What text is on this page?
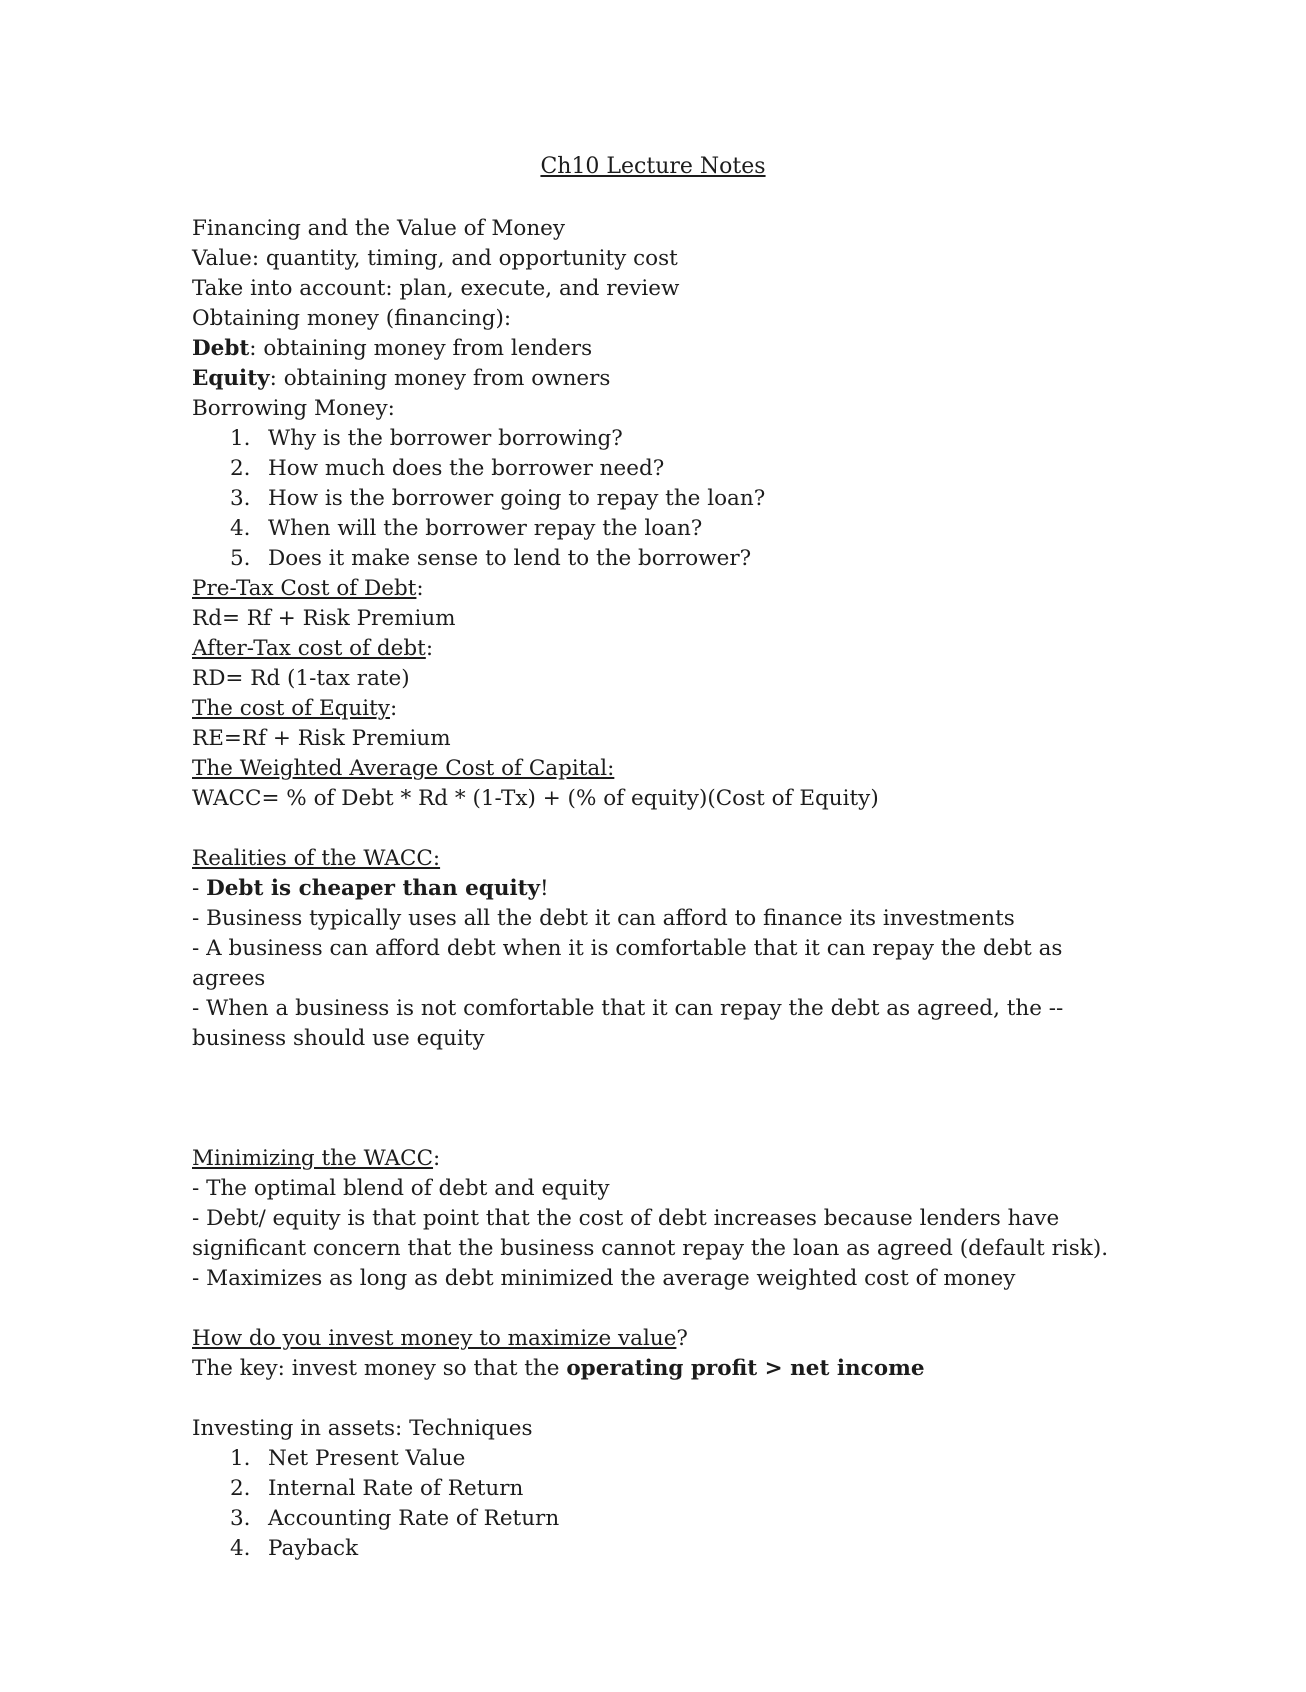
Ch10 Lecture Notes
Financing and the Value of Money
Value: quantity, timing, and opportunity cost
Take into account: plan, execute, and review
Obtaining money (financing):
Debt: obtaining money from lenders
Equity: obtaining money from owners
Borrowing Money:
1. Why is the borrower borrowing?
2. How much does the borrower need?
3. How is the borrower going to repay the loan?
4. When will the borrower repay the loan?
5. Does it make sense to lend to the borrower?
Pre-Tax Cost of Debt:
Rd= Rf + Risk Premium
After-Tax cost of debt:
RD= Rd (1-tax rate)
The cost of Equity:
RE=Rf + Risk Premium
The Weighted Average Cost of Capital:
WACC= % of Debt * Rd * (1-Tx) + (% of equity)(Cost of Equity)
Realities of the WACC:
- Debt is cheaper than equity!
- Business typically uses all the debt it can afford to finance its investments
- A business can afford debt when it is comfortable that it can repay the debt as agrees
- When a business is not comfortable that it can repay the debt as agreed, the -- business should use equity
Minimizing the WACC:
- The optimal blend of debt and equity
- Debt/ equity is that point that the cost of debt increases because lenders have significant concern that the business cannot repay the loan as agreed (default risk).
- Maximizes as long as debt minimized the average weighted cost of money
How do you invest money to maximize value?
The key: invest money so that the operating profit > net income
Investing in assets: Techniques
1. Net Present Value
2. Internal Rate of Return
3. Accounting Rate of Return
4. Payback
